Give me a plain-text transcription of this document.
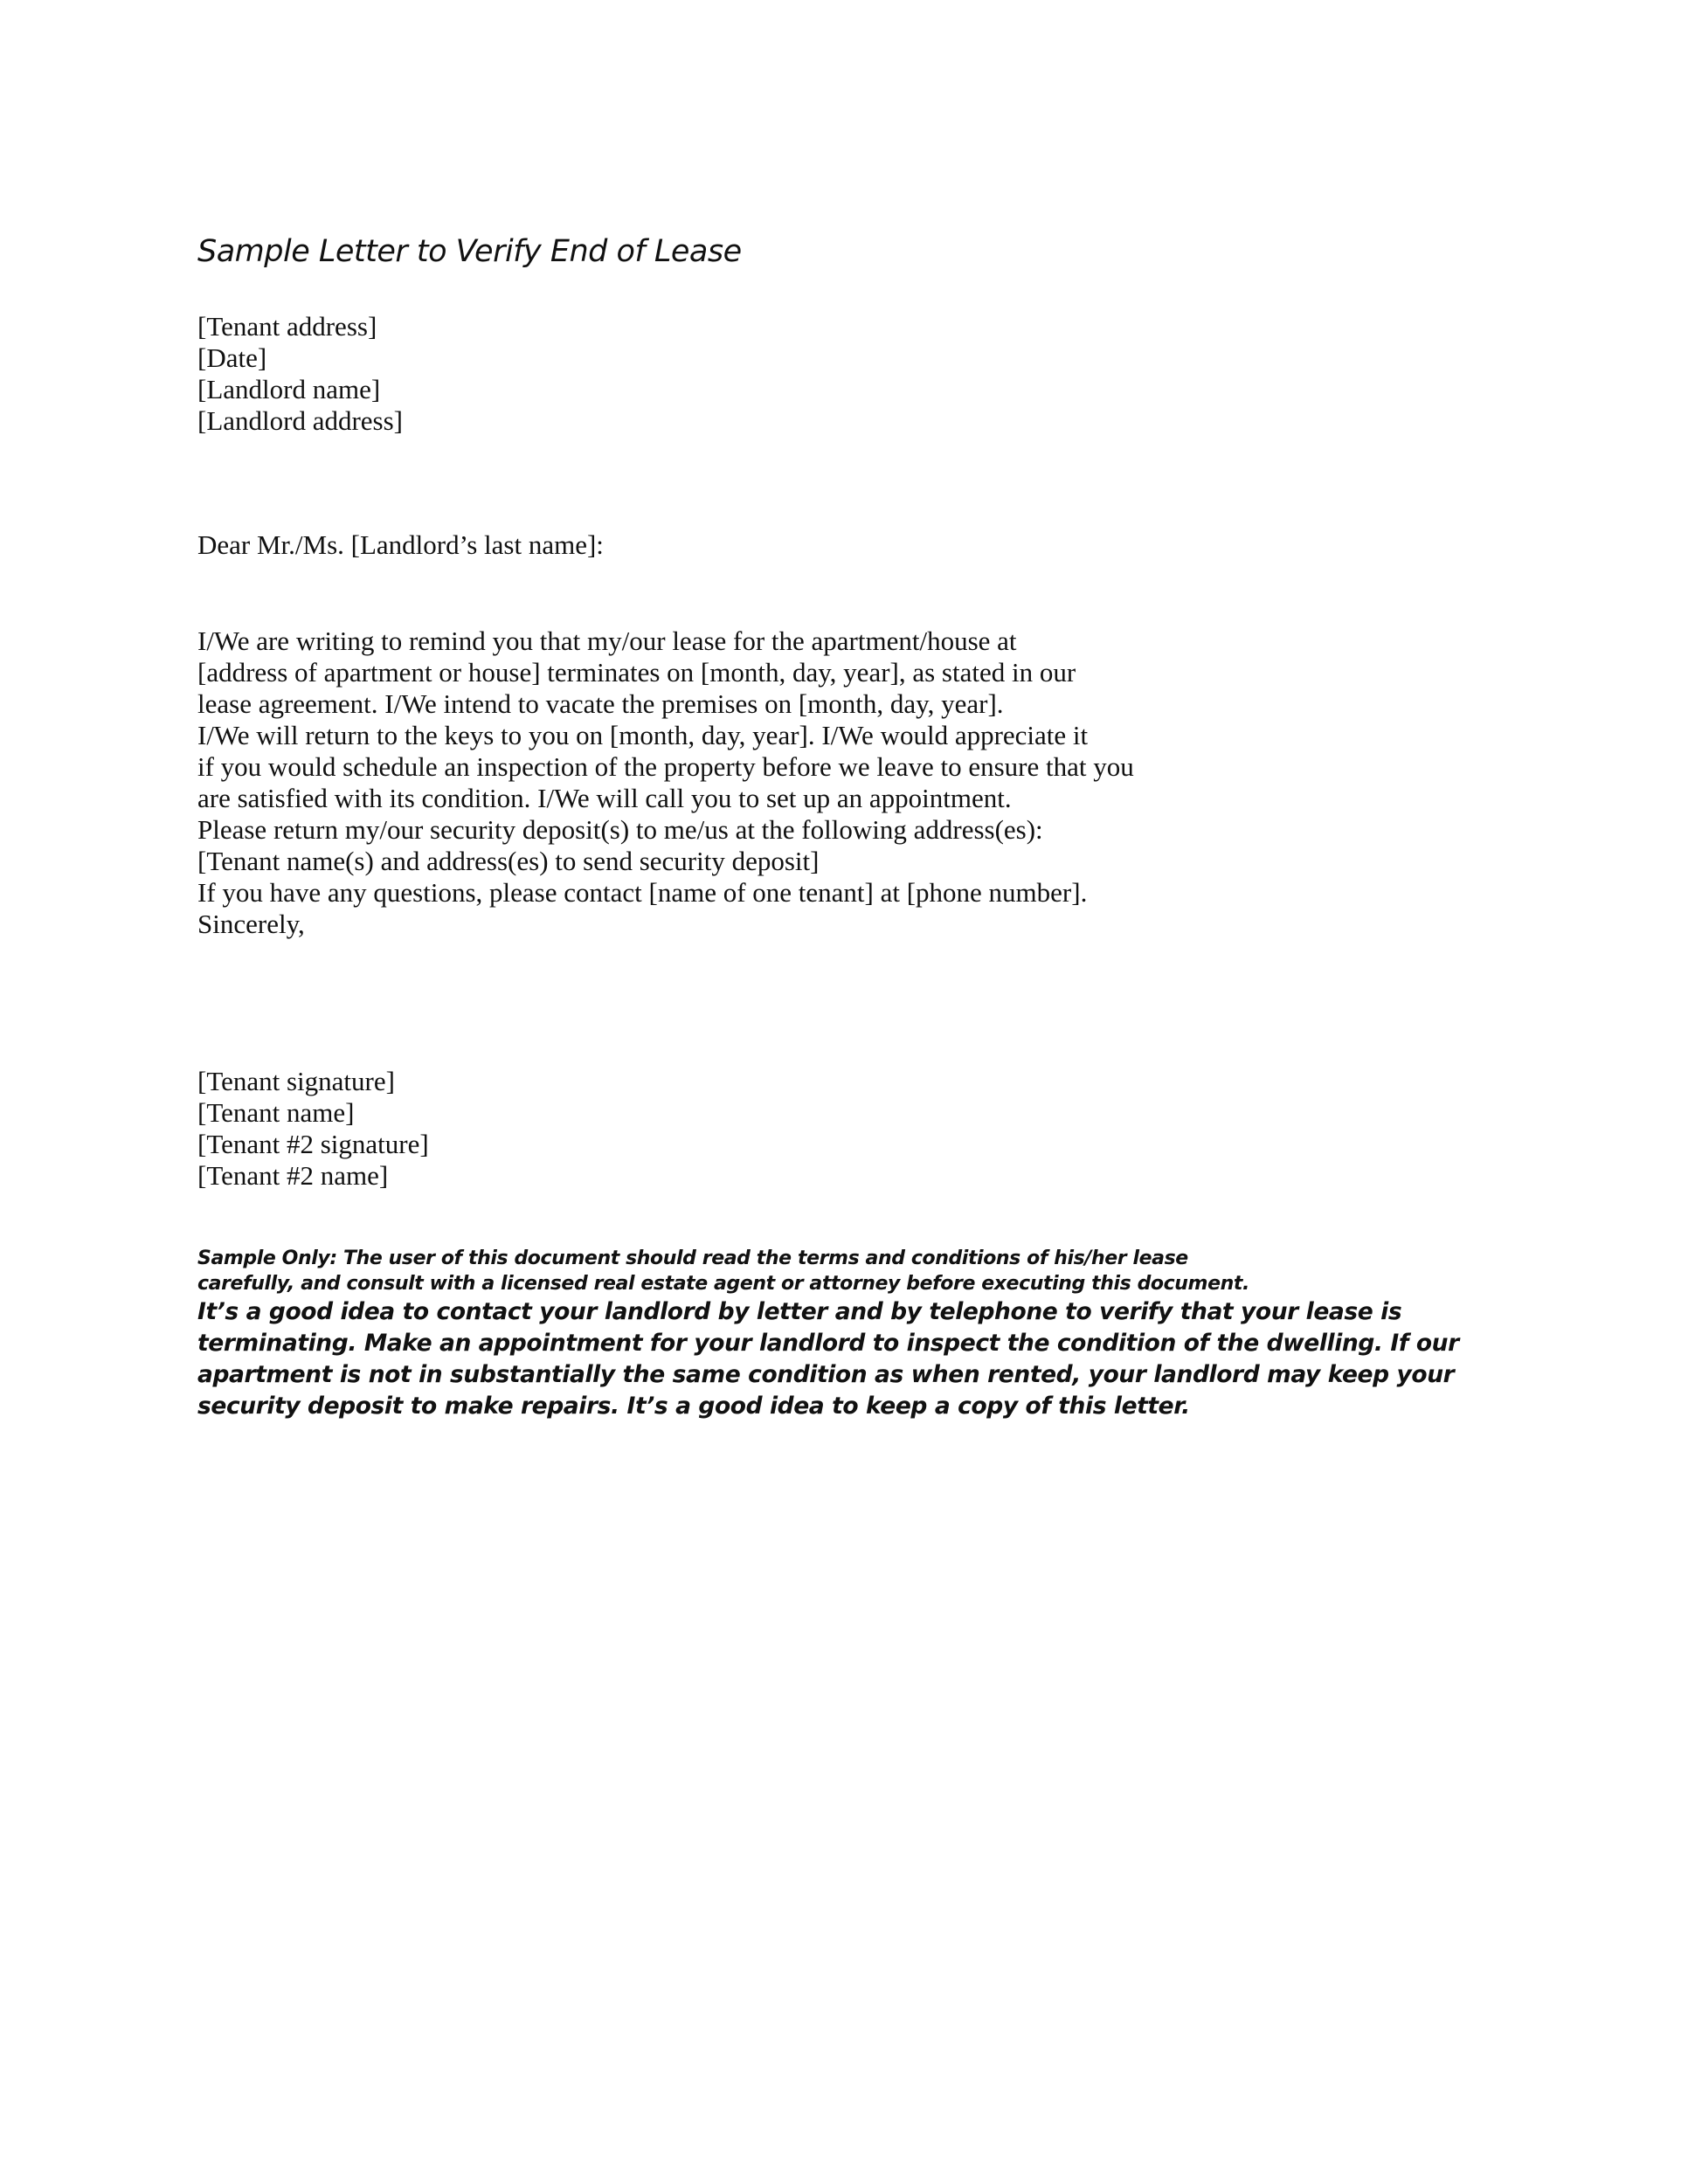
Sample Letter to Verify End of Lease
[Tenant address]
[Date]
[Landlord name]
[Landlord address]
Dear Mr./Ms. [Landlord’s last name]:
I/We are writing to remind you that my/our lease for the apartment/house at
[address of apartment or house] terminates on [month, day, year], as stated in our
lease agreement. I/We intend to vacate the premises on [month, day, year].
I/We will return to the keys to you on [month, day, year]. I/We would appreciate it
if you would schedule an inspection of the property before we leave to ensure that you
are satisfied with its condition. I/We will call you to set up an appointment.
Please return my/our security deposit(s) to me/us at the following address(es):
[Tenant name(s) and address(es) to send security deposit]
If you have any questions, please contact [name of one tenant] at [phone number].
Sincerely,
[Tenant signature]
[Tenant name]
[Tenant #2 signature]
[Tenant #2 name]
Sample Only: The user of this document should read the terms and conditions of his/her lease
carefully, and consult with a licensed real estate agent or attorney before executing this document.
It’s a good idea to contact your landlord by letter and by telephone to verify that your lease is
terminating. Make an appointment for your landlord to inspect the condition of the dwelling. If our
apartment is not in substantially the same condition as when rented, your landlord may keep your
security deposit to make repairs. It’s a good idea to keep a copy of this letter.
